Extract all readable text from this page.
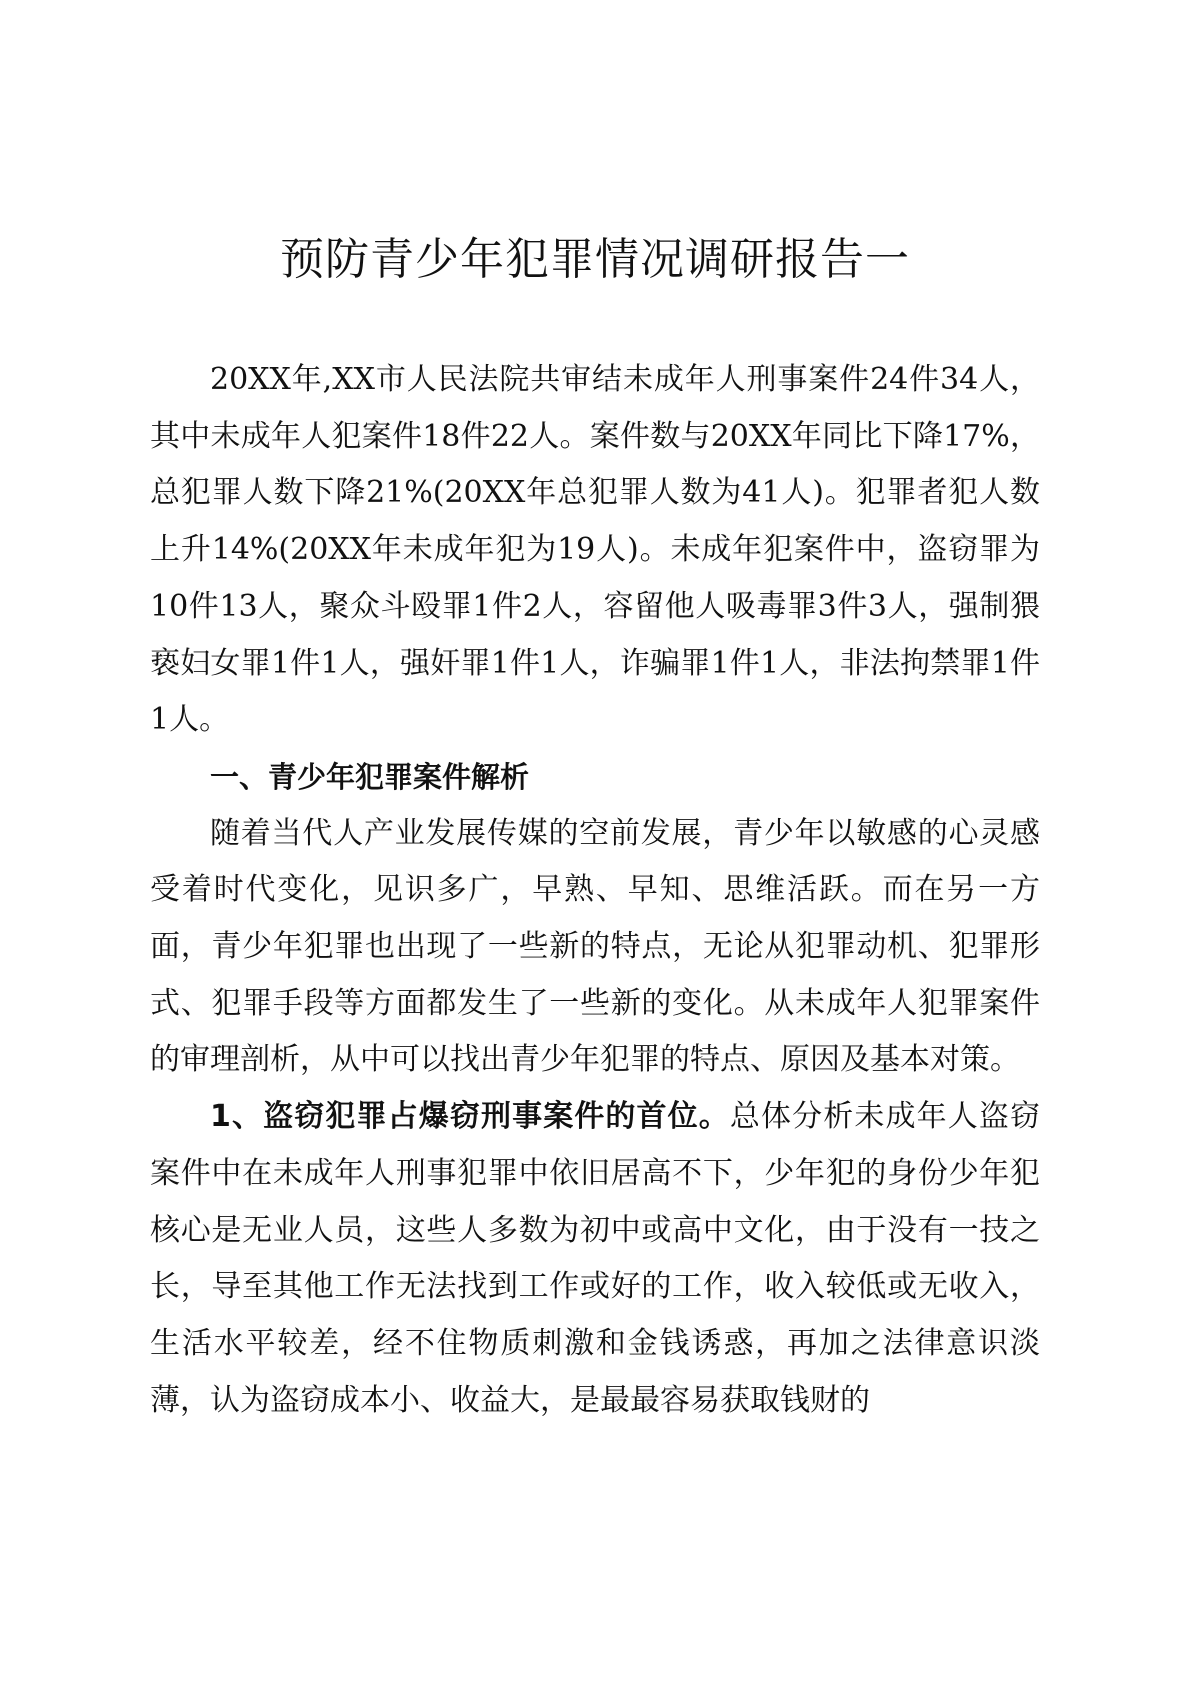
预防青少年犯罪情况调研报告一

20XX年,XX市人民法院共审结未成年人刑事案件24件34人，其中未成年人犯案件18件22人。案件数与20XX年同比下降17%，总犯罪人数下降21%(20XX年总犯罪人数为41人)。犯罪者犯人数上升14%(20XX年未成年犯为19人)。未成年犯案件中，盗窃罪为10件13人，聚众斗殴罪1件2人，容留他人吸毒罪3件3人，强制猥亵妇女罪1件1人，强奸罪1件1人，诈骗罪1件1人，非法拘禁罪1件1人。

一、青少年犯罪案件解析

随着当代人产业发展传媒的空前发展，青少年以敏感的心灵感受着时代变化，见识多广，早熟、早知、思维活跃。而在另一方面，青少年犯罪也出现了一些新的特点，无论从犯罪动机、犯罪形式、犯罪手段等方面都发生了一些新的变化。从未成年人犯罪案件的审理剖析，从中可以找出青少年犯罪的特点、原因及基本对策。

1、盗窃犯罪占爆窃刑事案件的首位。总体分析未成年人盗窃案件中在未成年人刑事犯罪中依旧居高不下，少年犯的身份少年犯核心是无业人员，这些人多数为初中或高中文化，由于没有一技之长，导至其他工作无法找到工作或好的工作，收入较低或无收入，生活水平较差，经不住物质刺激和金钱诱惑，再加之法律意识淡薄，认为盗窃成本小、收益大，是最最容易获取钱财的
